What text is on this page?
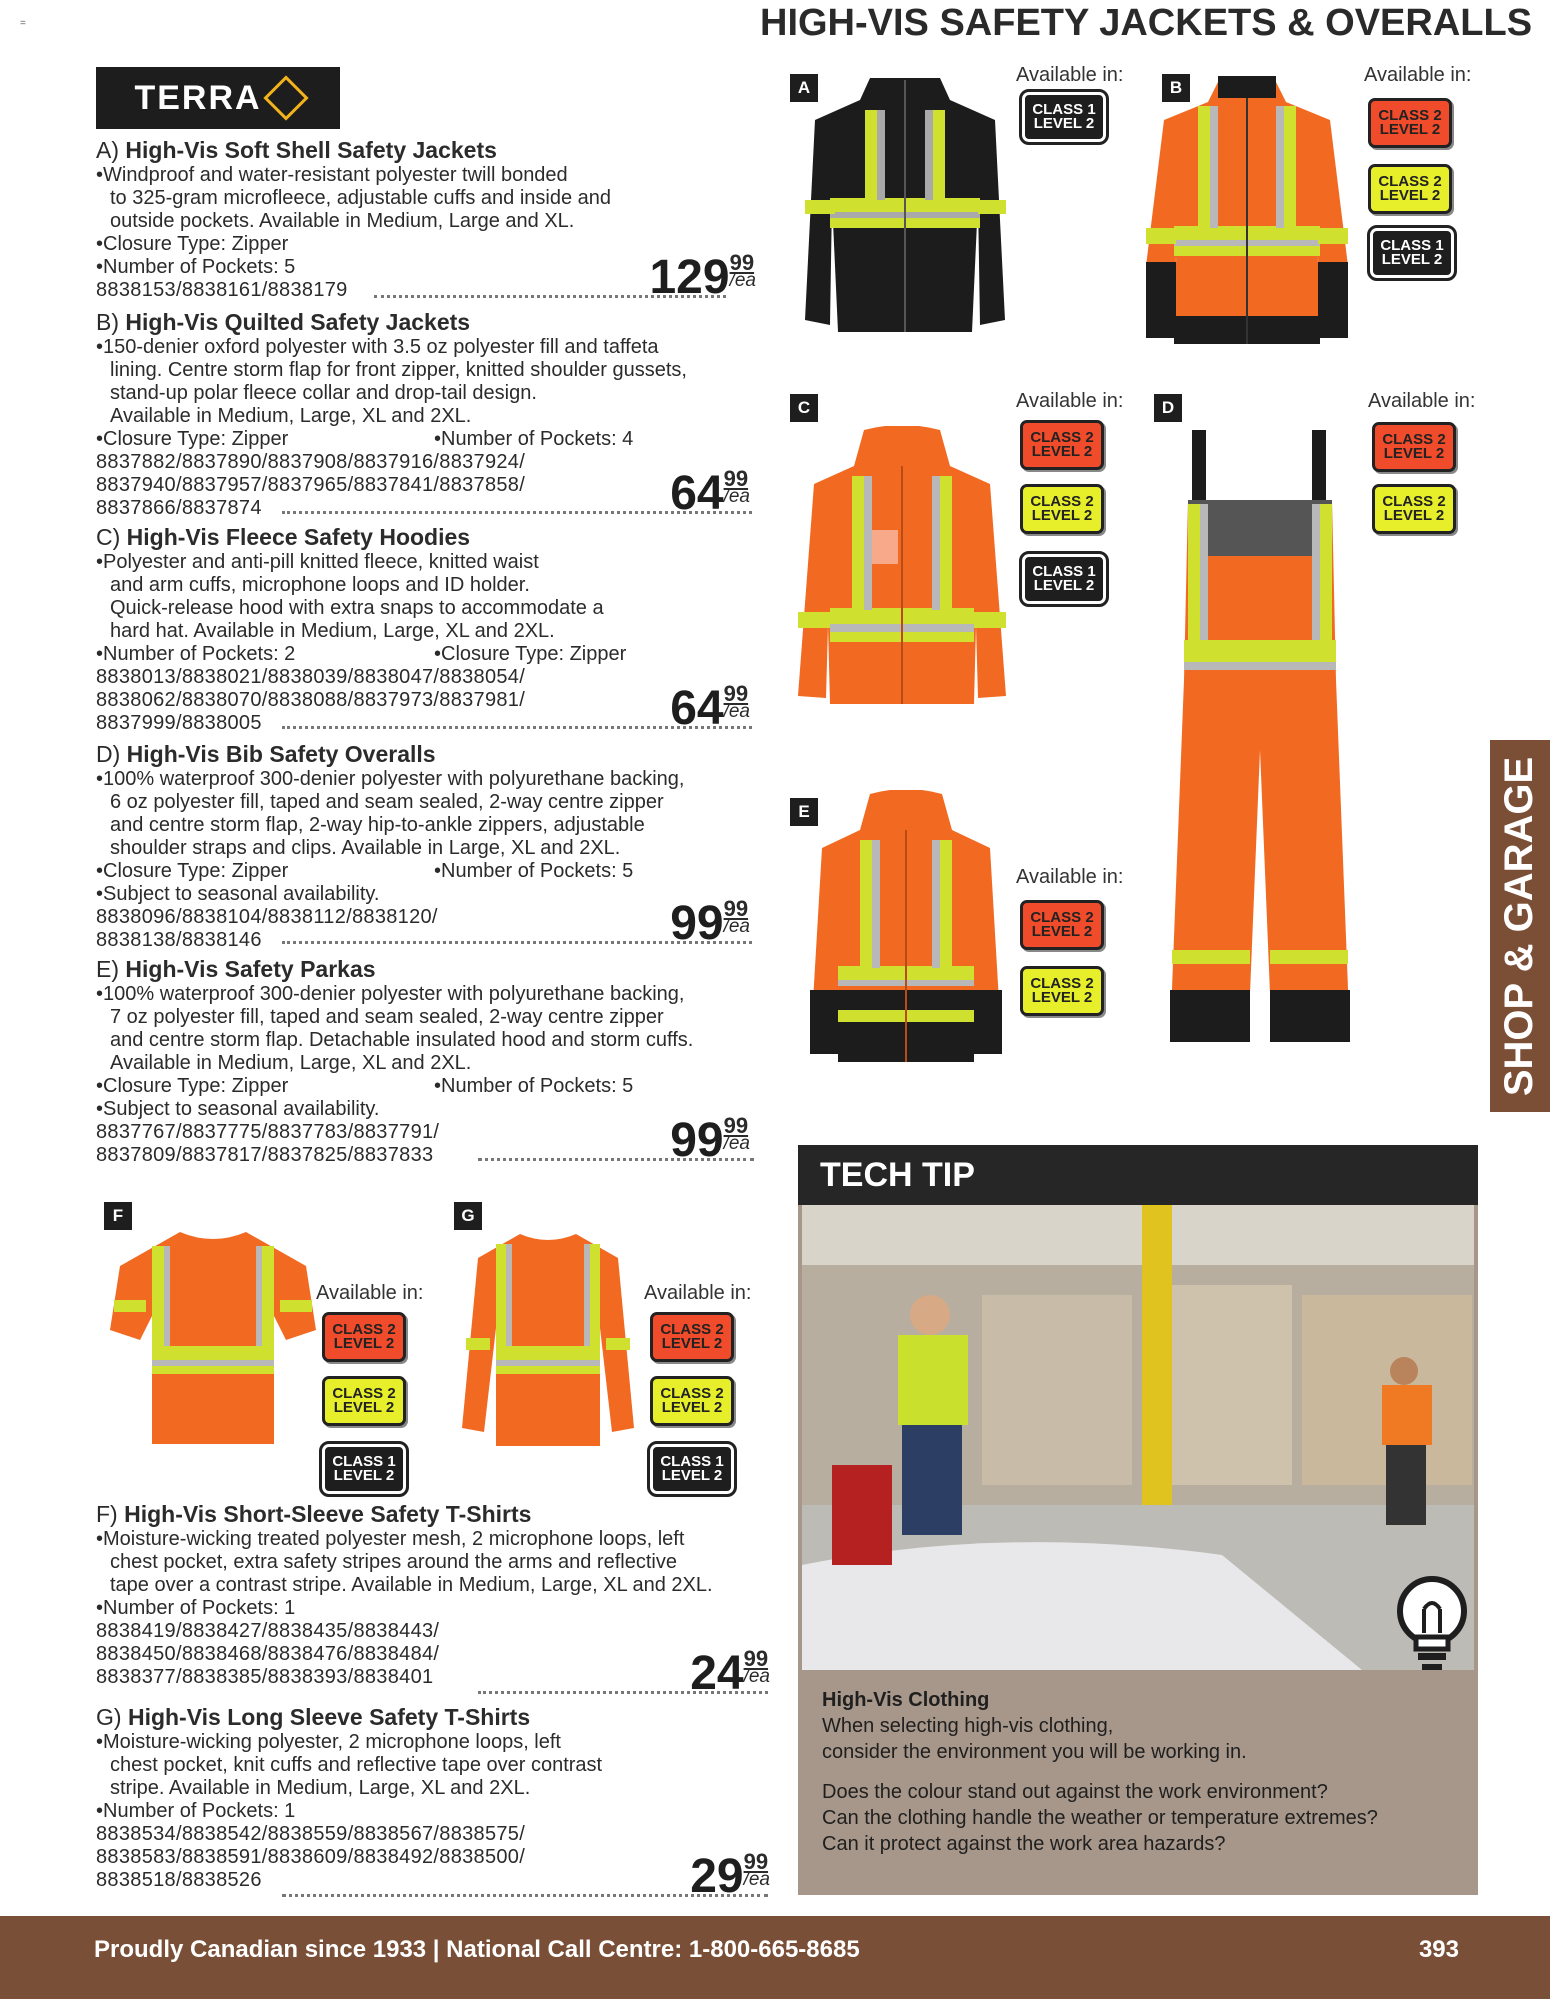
=	HIGH-VIS SAFETY JACKETS & OVERALLS
TERRA
A) High-Vis Soft Shell Safety Jackets
•Windproof and water-resistant polyester twill bonded
to 325-gram microfleece, adjustable cuffs and inside and
outside pockets. Available in Medium, Large and XL.
•Closure Type: Zipper
•Number of Pockets: 5
8838153/8838161/8838179	129 99
/ea
B) High-Vis Quilted Safety Jackets
•150-denier oxford polyester with 3.5 oz polyester fill and taffeta
lining. Centre storm flap for front zipper, knitted shoulder gussets,
stand-up polar fleece collar and drop-tail design.
Available in Medium, Large, XL and 2XL.
•Closure Type: Zipper	•Number of Pockets: 4
8837882/8837890/8837908/8837916/8837924/
8837940/8837957/8837965/8837841/8837858/
8837866/8837874	64 99
/ea
C) High-Vis Fleece Safety Hoodies
•Polyester and anti-pill knitted fleece, knitted waist
and arm cuffs, microphone loops and ID holder.
Quick-release hood with extra snaps to accommodate a
hard hat. Available in Medium, Large, XL and 2XL.
•Number of Pockets: 2	•Closure Type: Zipper
8838013/8838021/8838039/8838047/8838054/
8838062/8838070/8838088/8837973/8837981/
8837999/8838005	64 99
/ea
D) High-Vis Bib Safety Overalls
•100% waterproof 300-denier polyester with polyurethane backing,
6 oz polyester fill, taped and seam sealed, 2-way centre zipper
and centre storm flap, 2-way hip-to-ankle zippers, adjustable
shoulder straps and clips. Available in Large, XL and 2XL.
•Closure Type: Zipper	•Number of Pockets: 5
•Subject to seasonal availability.
8838096/8838104/8838112/8838120/
8838138/8838146	99 99
/ea
E) High-Vis Safety Parkas
•100% waterproof 300-denier polyester with polyurethane backing,
7 oz polyester fill, taped and seam sealed, 2-way centre zipper
and centre storm flap. Detachable insulated hood and storm cuffs.
Available in Medium, Large, XL and 2XL.
•Closure Type: Zipper	•Number of Pockets: 5
•Subject to seasonal availability.
8837767/8837775/8837783/8837791/
8837809/8837817/8837825/8837833	99 99
/ea
F) High-Vis Short-Sleeve Safety T-Shirts
•Moisture-wicking treated polyester mesh, 2 microphone loops, left
chest pocket, extra safety stripes around the arms and reflective
tape over a contrast stripe. Available in Medium, Large, XL and 2XL.
•Number of Pockets: 1
8838419/8838427/8838435/8838443/
8838450/8838468/8838476/8838484/
8838377/8838385/8838393/8838401	24 99
/ea
G) High-Vis Long Sleeve Safety T-Shirts
•Moisture-wicking polyester, 2 microphone loops, left
chest pocket, knit cuffs and reflective tape over contrast
stripe. Available in Medium, Large, XL and 2XL.
•Number of Pockets: 1
8838534/8838542/8838559/8838567/8838575/
8838583/8838591/8838609/8838492/8838500/
8838518/8838526	29 99
/ea
A
Available in:
CLASS 1
LEVEL 2
B
Available in:
CLASS 2
LEVEL 2
CLASS 2
LEVEL 2
CLASS 1
LEVEL 2
C	Available in:
CLASS 2
LEVEL 2
CLASS 2
LEVEL 2
CLASS 1
LEVEL 2
D	Available in:
CLASS 2
LEVEL 2
CLASS 2
LEVEL 2
E
Available in:
CLASS 2
LEVEL 2
CLASS 2
LEVEL 2
F
Available in:
CLASS 2
LEVEL 2
CLASS 2
LEVEL 2
CLASS 1
LEVEL 2
G
Available in:
CLASS 2
LEVEL 2
CLASS 2
LEVEL 2
CLASS 1
LEVEL 2
TECH TIP
High-Vis Clothing
When selecting high-vis clothing,
consider the environment you will be working in.
Does the colour stand out against the work environment?
Can the clothing handle the weather or temperature extremes?
Can it protect against the work area hazards?
SHOP & GARAGE
Proudly Canadian since 1933 | National Call Centre: 1-800-665-8685	393
